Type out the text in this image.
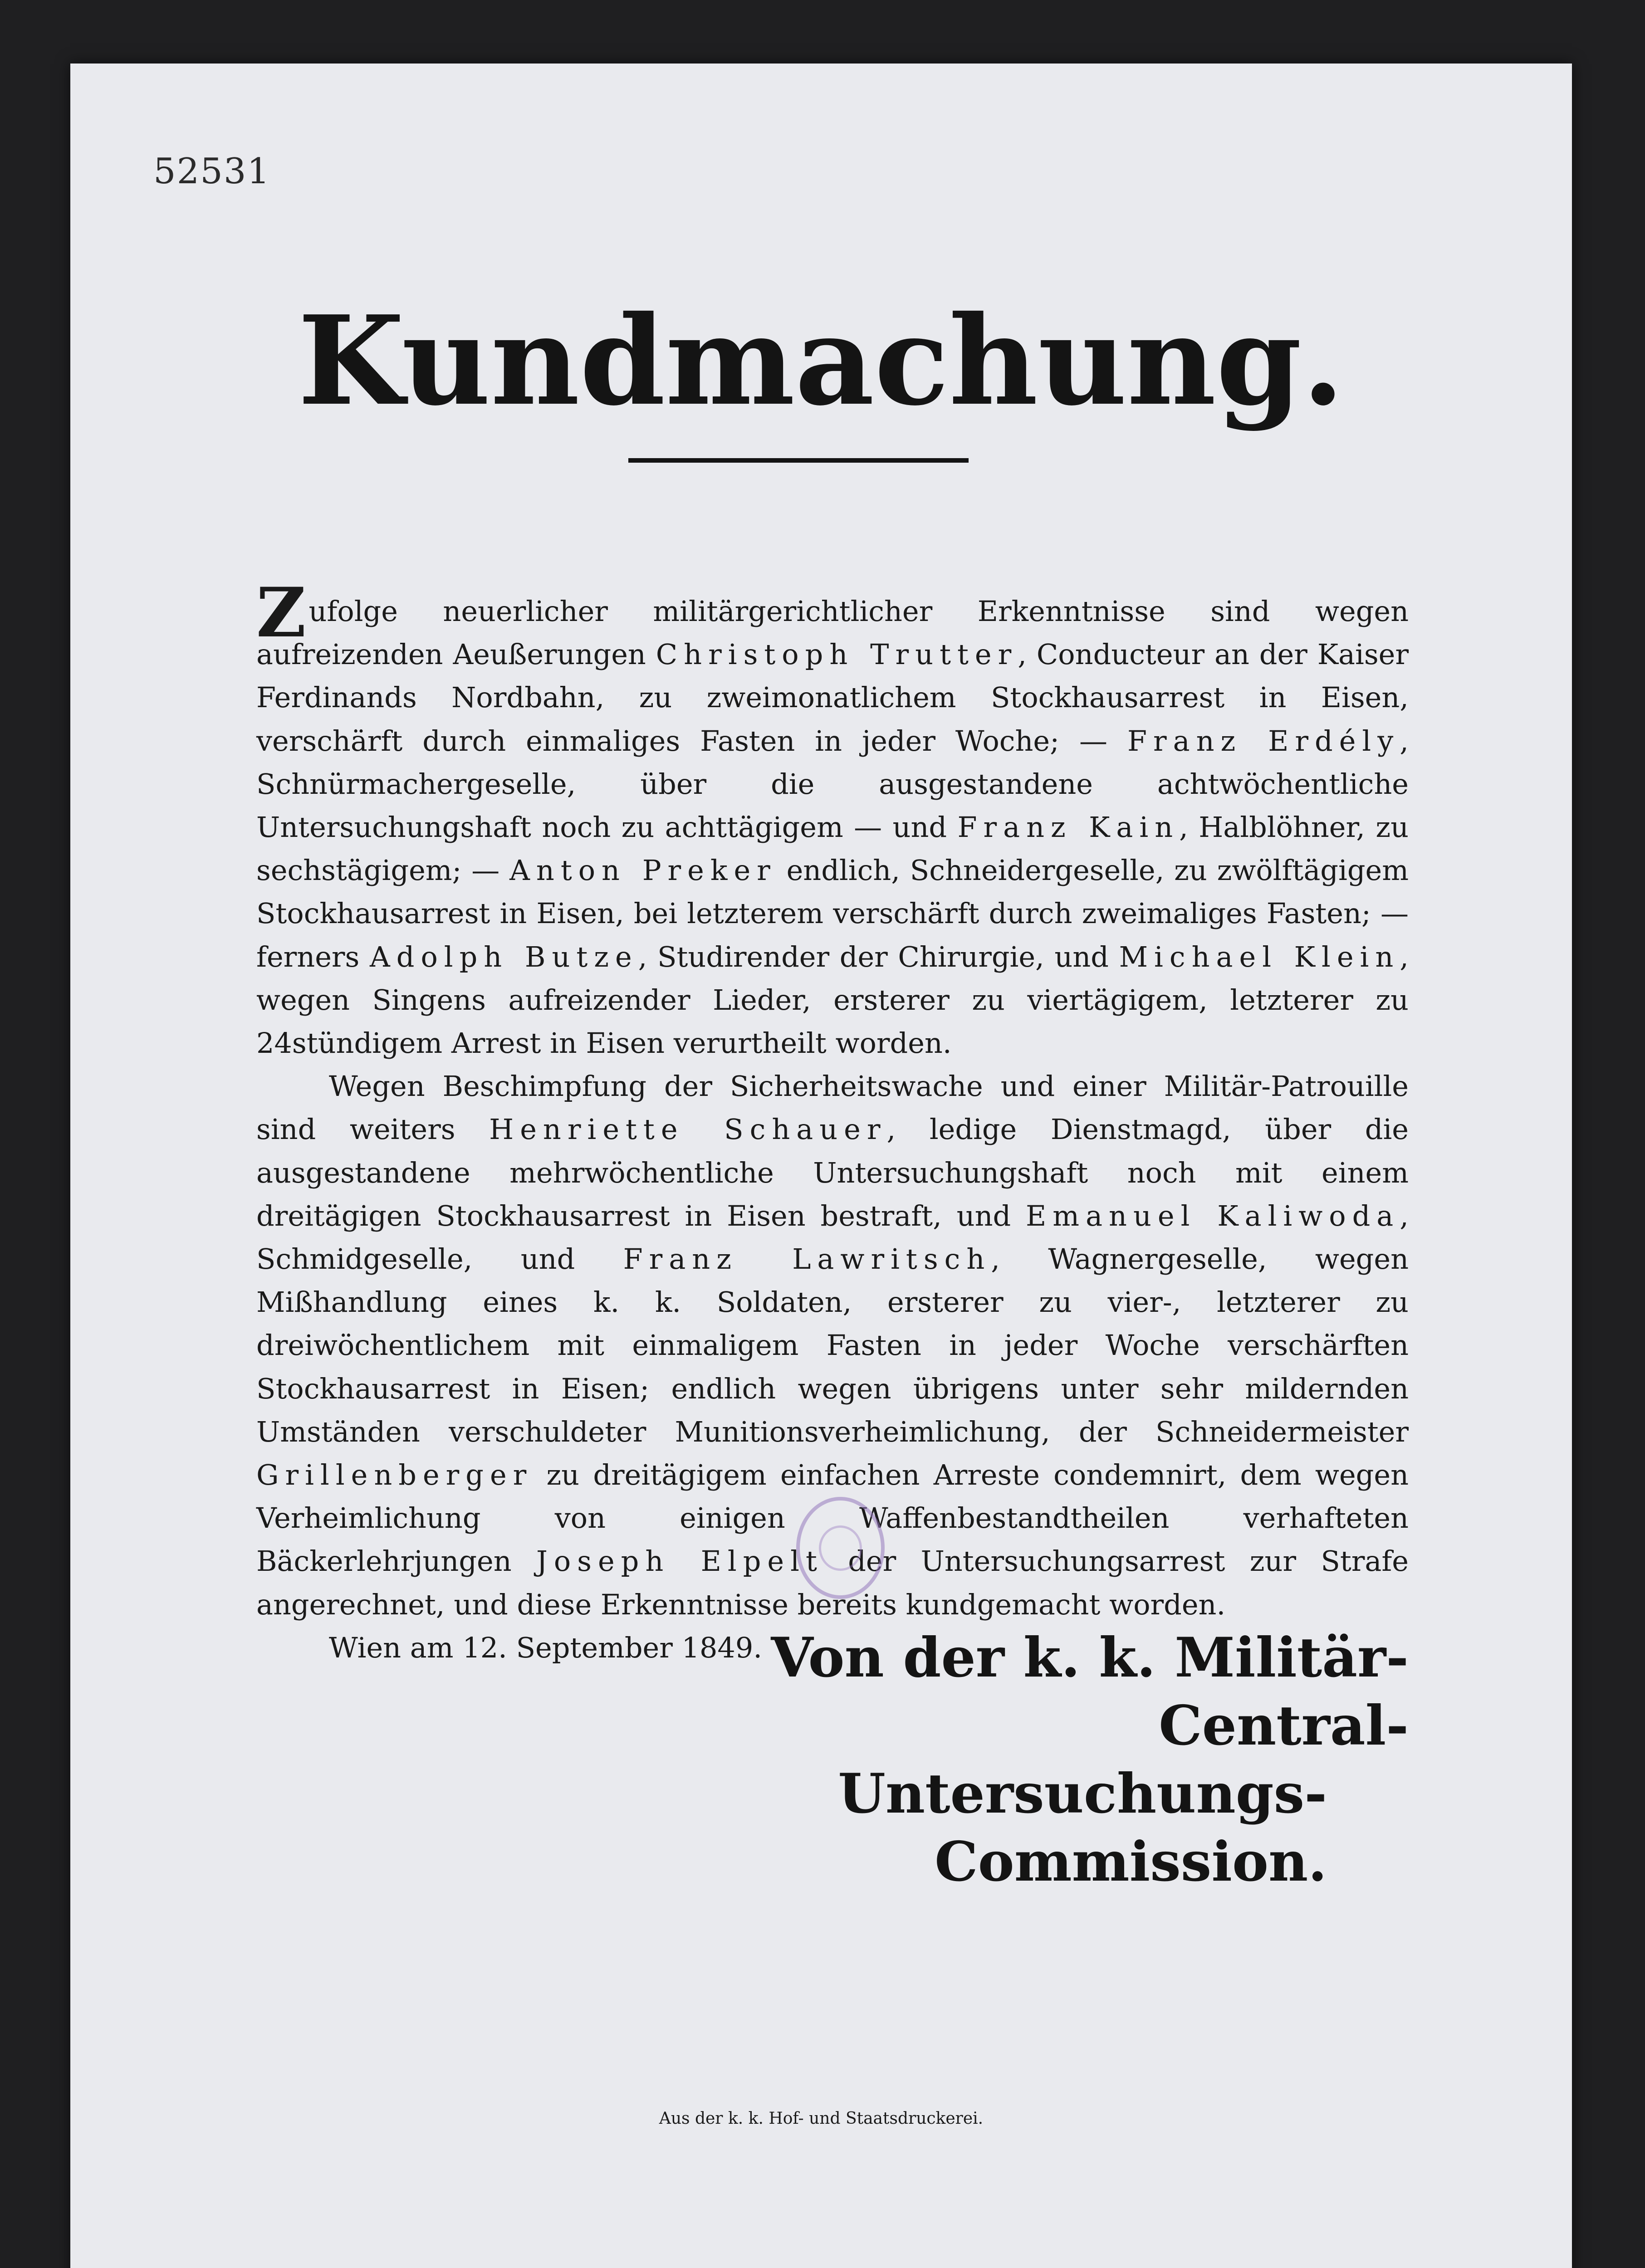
52531

Kundmachung.

Zufolge neuerlicher militärgerichtlicher Erkenntnisse sind wegen aufreizenden Aeußerungen Christoph Trutter, Conducteur an der Kaiser Ferdinands Nordbahn, zu zweimonatlichem Stockhausarrest in Eisen, verschärft durch einmaliges Fasten in jeder Woche; — Franz Erdély, Schnürmachergeselle, über die ausgestandene achtwöchentliche Untersuchungshaft noch zu achttägigem — und Franz Kain, Halblöhner, zu sechstägigem; — Anton Preker endlich, Schneidergeselle, zu zwölftägigem Stockhausarrest in Eisen, bei letzterem verschärft durch zweimaliges Fasten; — ferners Adolph Butze, Studirender der Chirurgie, und Michael Klein, wegen Singens aufreizender Lieder, ersterer zu viertägigem, letzterer zu 24stündigem Arrest in Eisen verurtheilt worden.

Wegen Beschimpfung der Sicherheitswache und einer Militär-Patrouille sind weiters Henriette Schauer, ledige Dienstmagd, über die ausgestandene mehrwöchentliche Untersuchungshaft noch mit einem dreitägigen Stockhausarrest in Eisen bestraft, und Emanuel Kaliwoda, Schmidgeselle, und Franz Lawritsch, Wagnergeselle, wegen Mißhandlung eines k. k. Soldaten, ersterer zu vier-, letzterer zu dreiwöchentlichem mit einmaligem Fasten in jeder Woche verschärften Stockhausarrest in Eisen; endlich wegen übrigens unter sehr mildernden Umständen verschuldeter Munitionsverheimlichung, der Schneidermeister Grillenberger zu dreitägigem einfachen Arreste condemnirt, dem wegen Verheimlichung von einigen Waffenbestandtheilen verhafteten Bäckerlehrjungen Joseph Elpelt der Untersuchungsarrest zur Strafe angerechnet, und diese Erkenntnisse bereits kundgemacht worden.

Wien am 12. September 1849. Von der k. k. Militär-Central-
Untersuchungs-Commission.

Aus der k. k. Hof- und Staatsdruckerei.
